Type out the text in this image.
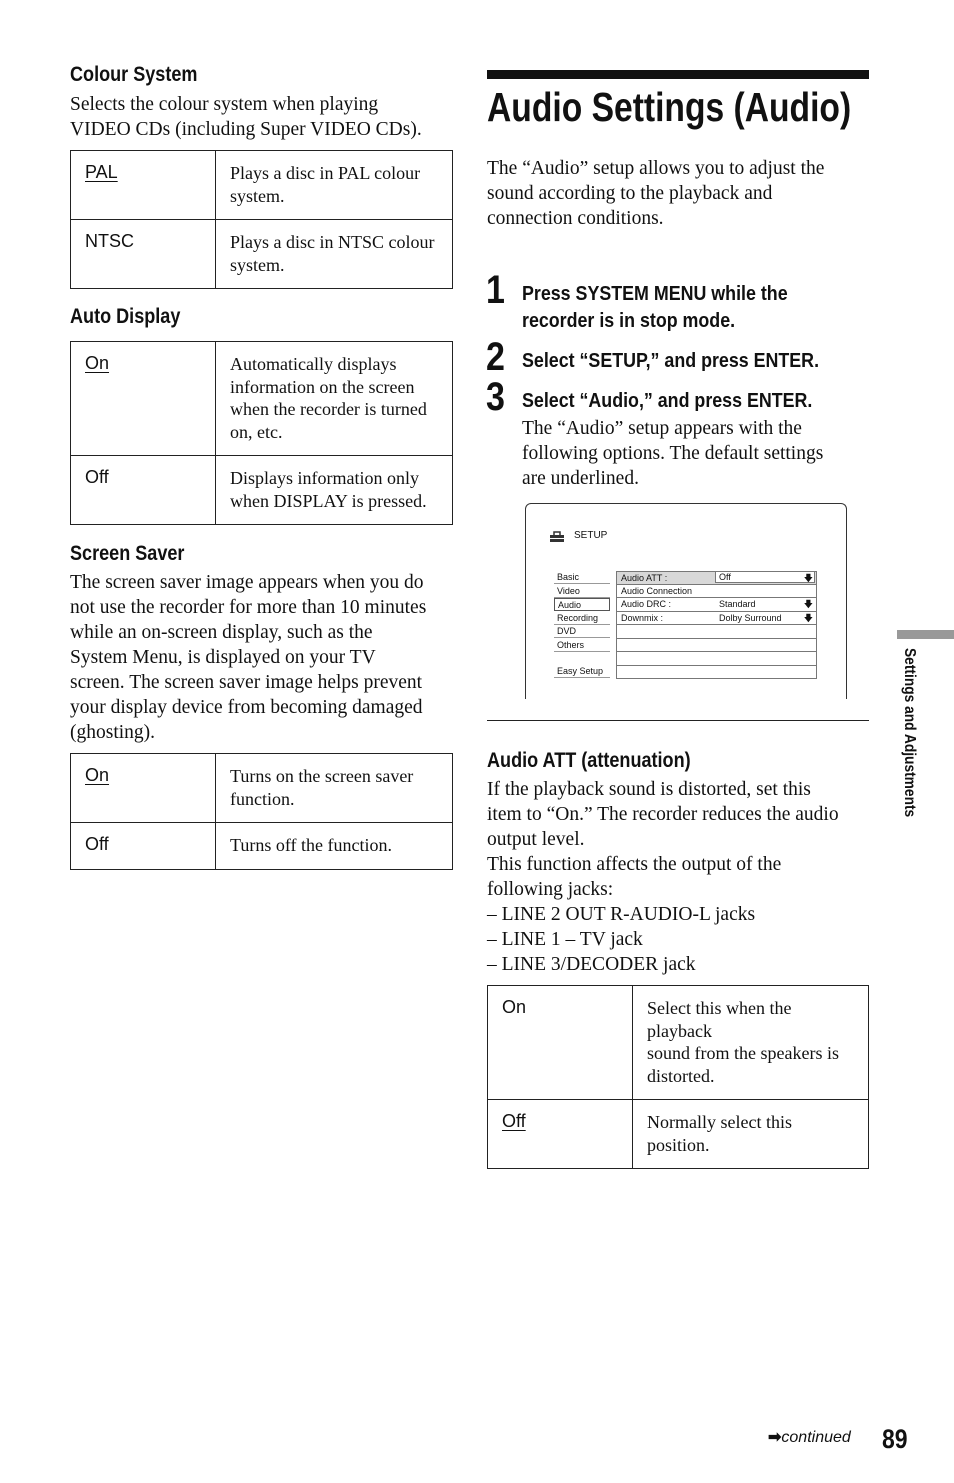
Colour System
Selects the colour system when playing
VIDEO CDs (including Super VIDEO CDs).
PAL	Plays a disc in PAL colour
system.

NTSC	Plays a disc in NTSC colour
system.
Auto Display
On	Automatically displays
information on the screen
when the recorder is turned
on, etc.

Off	Displays information only
when DISPLAY is pressed.
Screen Saver
The screen saver image appears when you do
not use the recorder for more than 10 minutes
while an on-screen display, such as the
System Menu, is displayed on your TV
screen. The screen saver image helps prevent
your display device from becoming damaged
(ghosting).
On	Turns on the screen saver
function.

Off	Turns off the function.
Audio Settings (Audio)
The “Audio” setup allows you to adjust the
sound according to the playback and
connection conditions.
1 Press SYSTEM MENU while the
recorder is in stop mode.
2 Select “SETUP,” and press ENTER.
3 Select “Audio,” and press ENTER.
The “Audio” setup appears with the
following options. The default settings
are underlined.
SETUP
Basic
Video
Audio
Recording
DVD
Others
Easy Setup
Audio ATT :	Off	🡇
Audio Connection
Audio DRC :	Standard	🡇
Downmix :	Dolby Surround 🡇
Audio ATT (attenuation)
If the playback sound is distorted, set this
item to “On.” The recorder reduces the audio
output level.
This function affects the output of the
following jacks:
– LINE 2 OUT R-AUDIO-L jacks
– LINE 1 – TV jack
– LINE 3/DECODER jack
On	Select this when the playback
sound from the speakers is
distorted.

Off	Normally select this position.
Settings and Adjustments
➡continued 89
